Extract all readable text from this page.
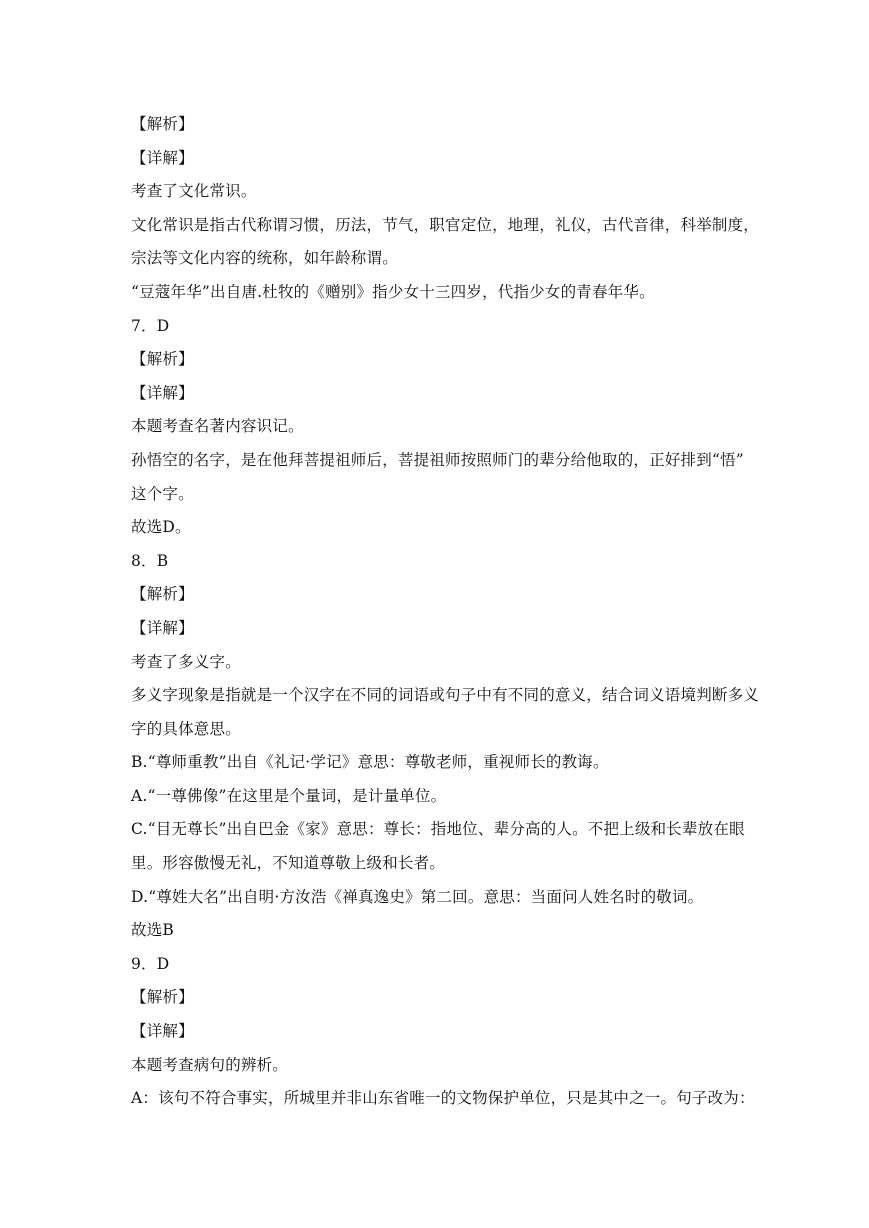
【解析】
【详解】
考查了文化常识。
文化常识是指古代称谓习惯，历法，节气，职官定位，地理，礼仪，古代音律，科举制度，
宗法等文化内容的统称，如年龄称谓。
“豆蔻年华”出自唐.杜牧的《赠别》指少女十三四岁，代指少女的青春年华。
7．D
【解析】
【详解】
本题考查名著内容识记。
孙悟空的名字，是在他拜菩提祖师后，菩提祖师按照师门的辈分给他取的，正好排到“悟”
这个字。
故选D。
8．B
【解析】
【详解】
考查了多义字。
多义字现象是指就是一个汉字在不同的词语或句子中有不同的意义，结合词义语境判断多义
字的具体意思。
B.“尊师重教”出自《礼记·学记》意思：尊敬老师，重视师长的教诲。
A.“一尊佛像”在这里是个量词，是计量单位。
C.“目无尊长”出自巴金《家》意思：尊长：指地位、辈分高的人。不把上级和长辈放在眼
里。形容傲慢无礼，不知道尊敬上级和长者。
D.“尊姓大名”出自明·方汝浩《禅真逸史》第二回。意思：当面问人姓名时的敬词。
故选B
9．D
【解析】
【详解】
本题考查病句的辨析。
A：该句不符合事实，所城里并非山东省唯一的文物保护单位，只是其中之一。句子改为：
